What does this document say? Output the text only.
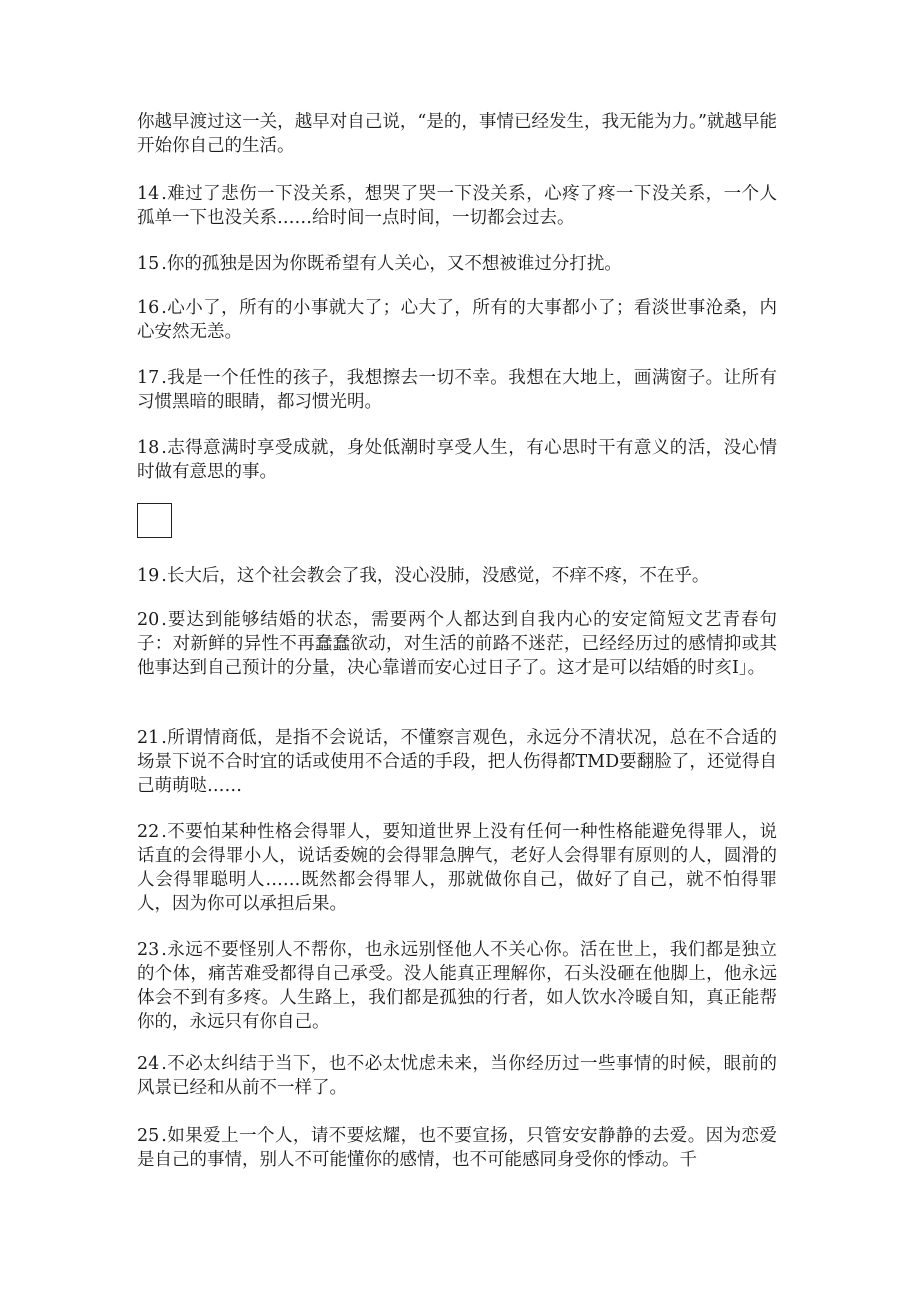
你越早渡过这一关，越早对自己说，“是的，事情已经发生，我无能为力。”就越早能开始你自己的生活。

14 .难过了悲伤一下没关系，想哭了哭一下没关系，心疼了疼一下没关系，一个人孤单一下也没关系……给时间一点时间，一切都会过去。

15 .你的孤独是因为你既希望有人关心，又不想被谁过分打扰。

16 .心小了，所有的小事就大了；心大了，所有的大事都小了；看淡世事沧桑，内心安然无恙。

17 .我是一个任性的孩子，我想擦去一切不幸。我想在大地上，画满窗子。让所有习惯黑暗的眼睛，都习惯光明。

18 .志得意满时享受成就，身处低潮时享受人生，有心思时干有意义的活，没心情时做有意思的事。

19 .长大后，这个社会教会了我，没心没肺，没感觉，不痒不疼，不在乎。

20 .要达到能够结婚的状态，需要两个人都达到自我内心的安定简短文艺青春句子：对新鲜的异性不再蠢蠢欲动，对生活的前路不迷茫，已经经历过的感情抑或其他事达到自己预计的分量，决心靠谱而安心过日子了。这才是可以结婚的时亥I」。

21 .所谓情商低，是指不会说话，不懂察言观色，永远分不清状况，总在不合适的场景下说不合时宜的话或使用不合适的手段，把人伤得都TMD要翻脸了，还觉得自己萌萌哒……

22 .不要怕某种性格会得罪人，要知道世界上没有任何一种性格能避免得罪人，说话直的会得罪小人，说话委婉的会得罪急脾气，老好人会得罪有原则的人，圆滑的人会得罪聪明人……既然都会得罪人，那就做你自己，做好了自己，就不怕得罪人，因为你可以承担后果。

23 .永远不要怪别人不帮你，也永远别怪他人不关心你。活在世上，我们都是独立的个体，痛苦难受都得自己承受。没人能真正理解你，石头没砸在他脚上，他永远体会不到有多疼。人生路上，我们都是孤独的行者，如人饮水冷暖自知，真正能帮你的，永远只有你自己。

24 .不必太纠结于当下，也不必太忧虑未来，当你经历过一些事情的时候，眼前的风景已经和从前不一样了。

25 .如果爱上一个人，请不要炫耀，也不要宣扬，只管安安静静的去爱。因为恋爱是自己的事情，别人不可能懂你的感情，也不可能感同身受你的悸动。千
